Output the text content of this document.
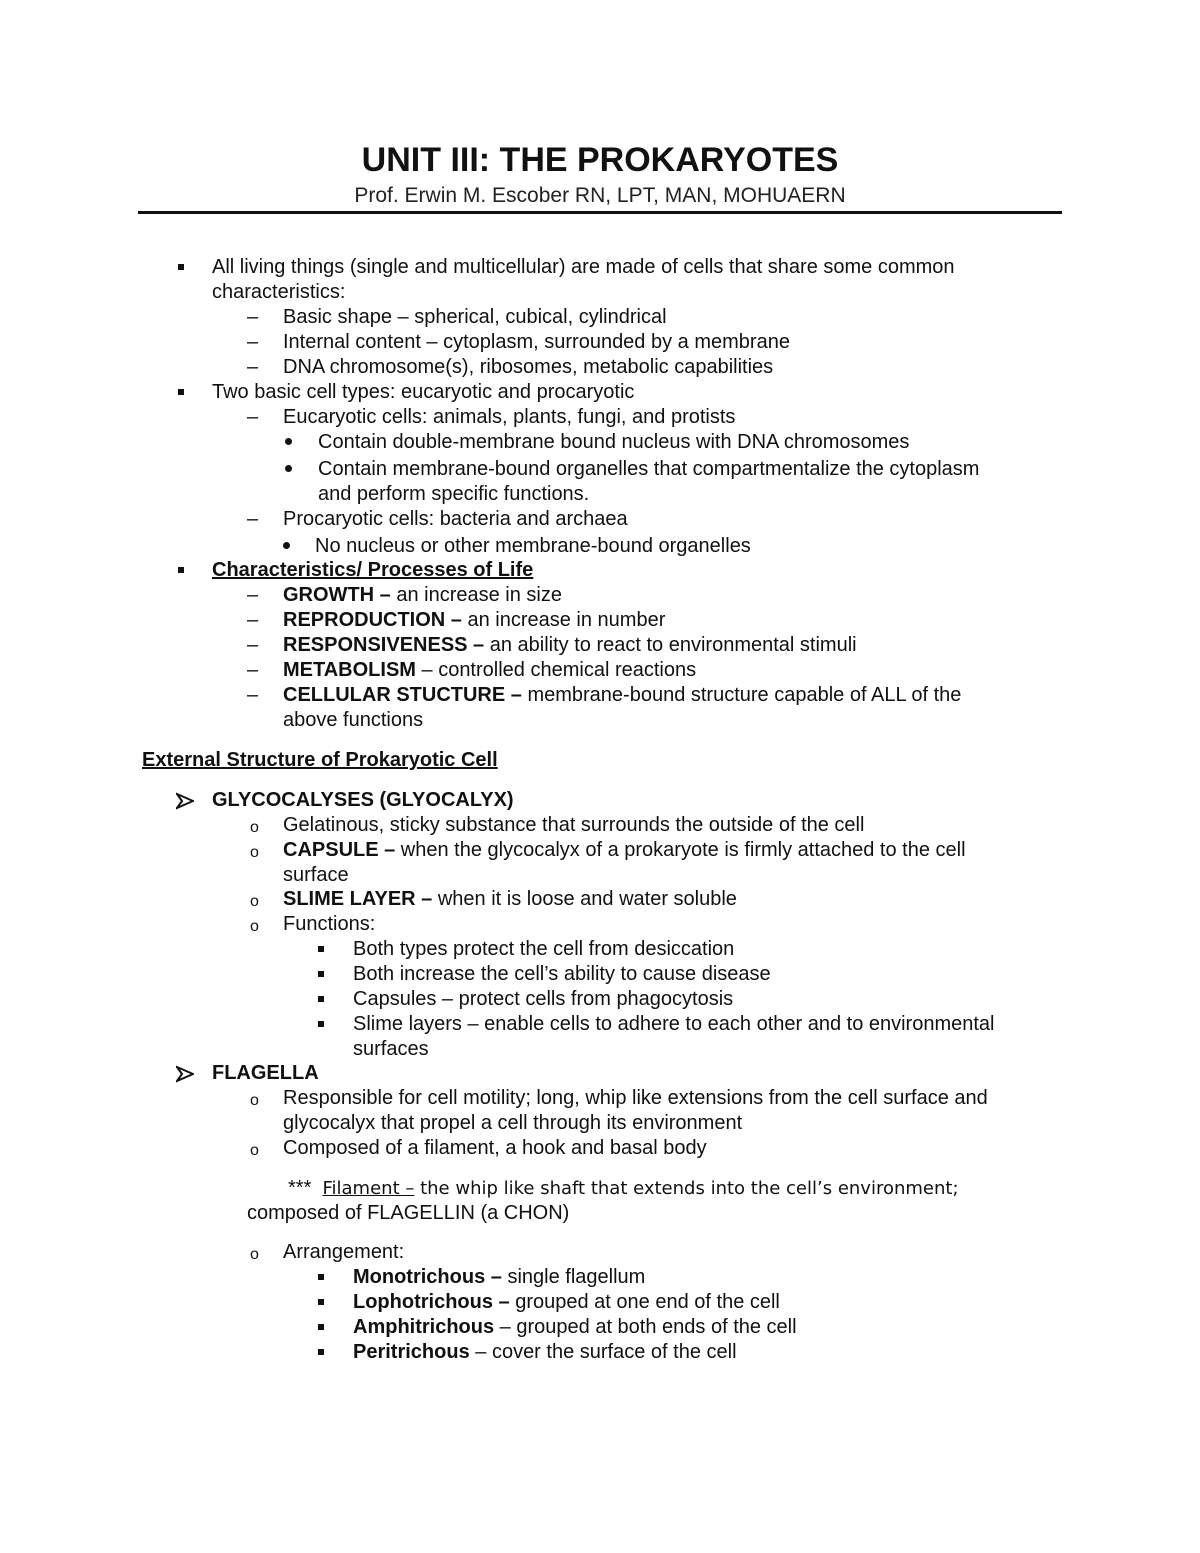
UNIT III: THE PROKARYOTES
Prof. Erwin M. Escober RN, LPT, MAN, MOHUAERN
All living things (single and multicellular) are made of cells that share some common
characteristics:
– Basic shape – spherical, cubical, cylindrical
– Internal content – cytoplasm, surrounded by a membrane
– DNA chromosome(s), ribosomes, metabolic capabilities
Two basic cell types: eucaryotic and procaryotic
– Eucaryotic cells: animals, plants, fungi, and protists
Contain double-membrane bound nucleus with DNA chromosomes
Contain membrane-bound organelles that compartmentalize the cytoplasm
and perform specific functions.
– Procaryotic cells: bacteria and archaea
No nucleus or other membrane-bound organelles
Characteristics/ Processes of Life
– GROWTH – an increase in size
– REPRODUCTION – an increase in number
– RESPONSIVENESS – an ability to react to environmental stimuli
– METABOLISM – controlled chemical reactions
– CELLULAR STUCTURE – membrane-bound structure capable of ALL of the
above functions
External Structure of Prokaryotic Cell
GLYCOCALYSES (GLYOCALYX)
o Gelatinous, sticky substance that surrounds the outside of the cell
o CAPSULE – when the glycocalyx of a prokaryote is firmly attached to the cell
surface
o SLIME LAYER – when it is loose and water soluble
o Functions:
Both types protect the cell from desiccation
Both increase the cell’s ability to cause disease
Capsules – protect cells from phagocytosis
Slime layers – enable cells to adhere to each other and to environmental
surfaces
FLAGELLA
o Responsible for cell motility; long, whip like extensions from the cell surface and
glycocalyx that propel a cell through its environment
o Composed of a filament, a hook and basal body
*** Filament – the whip like shaft that extends into the cell’s environment;
composed of FLAGELLIN (a CHON)
o Arrangement:
Monotrichous – single flagellum
Lophotrichous – grouped at one end of the cell
Amphitrichous – grouped at both ends of the cell
Peritrichous – cover the surface of the cell
